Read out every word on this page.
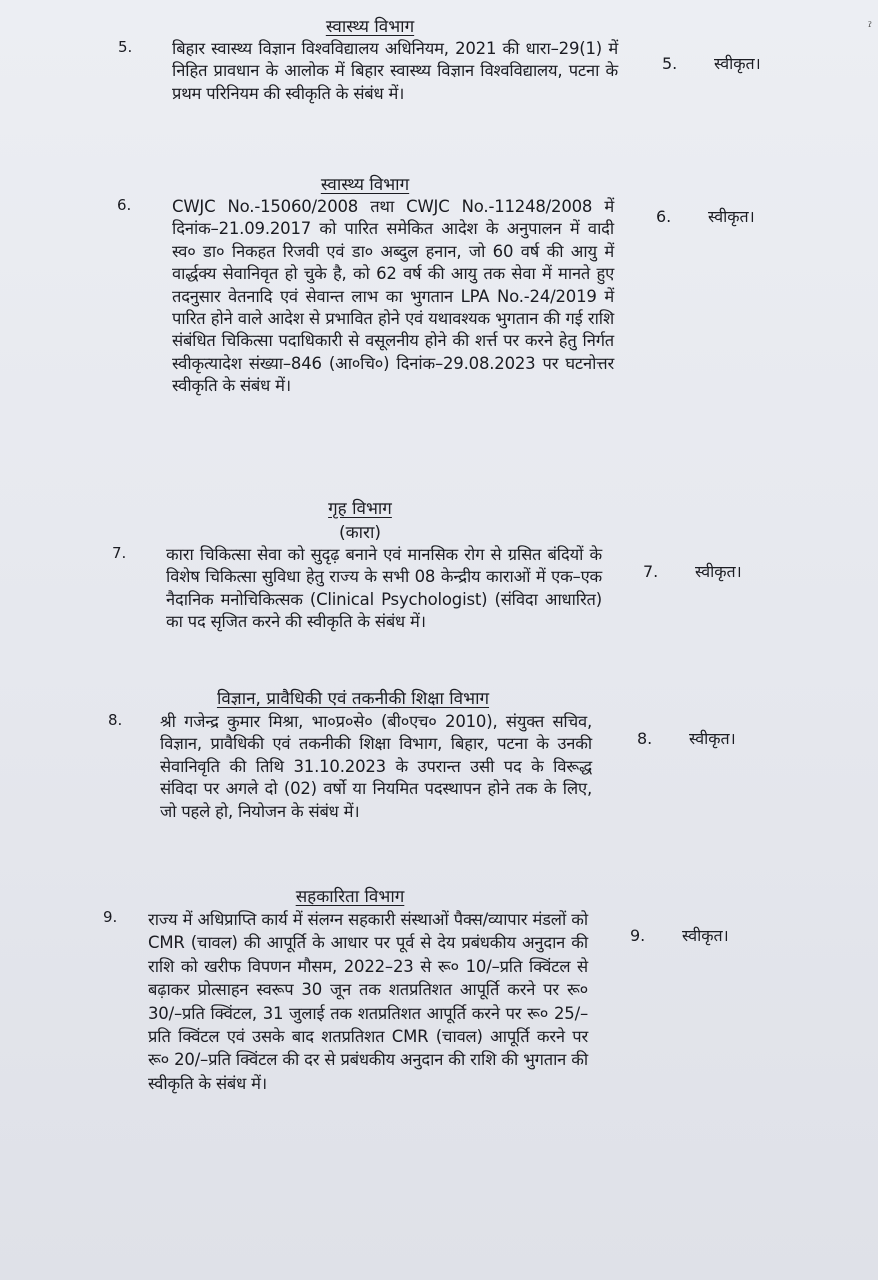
ˀ
स्वास्थ्य विभाग
5. बिहार स्वास्थ्य विज्ञान विश्वविद्यालय अधिनियम, 2021 की धारा–29(1) में निहित प्रावधान के आलोक में बिहार स्वास्थ्य विज्ञान विश्वविद्यालय, पटना के प्रथम परिनियम की स्वीकृति के संबंध में।
5. स्वीकृत।
स्वास्थ्य विभाग
6. CWJC No.-15060/2008 तथा CWJC No.-11248/2008 में दिनांक–21.09.2017 को पारित समेकित आदेश के अनुपालन में वादी स्व० डा० निकहत रिजवी एवं डा० अब्दुल हनान, जो 60 वर्ष की आयु में वार्द्धक्य सेवानिवृत हो चुके है, को 62 वर्ष की आयु तक सेवा में मानते हुए तदनुसार वेतनादि एवं सेवान्त लाभ का भुगतान LPA No.-24/2019 में पारित होने वाले आदेश से प्रभावित होने एवं यथावश्यक भुगतान की गई राशि संबंधित चिकित्सा पदाधिकारी से वसूलनीय होने की शर्त्त पर करने हेतु निर्गत स्वीकृत्यादेश संख्या–846 (आ०चि०) दिनांक–29.08.2023 पर घटनोत्तर स्वीकृति के संबंध में।
6. स्वीकृत।
गृह विभाग
(कारा)
7. कारा चिकित्सा सेवा को सुदृढ़ बनाने एवं मानसिक रोग से ग्रसित बंदियों के विशेष चिकित्सा सुविधा हेतु राज्य के सभी 08 केन्द्रीय काराओं में एक–एक नैदानिक मनोचिकित्सक (Clinical Psychologist) (संविदा आधारित) का पद सृजित करने की स्वीकृति के संबंध में।
7. स्वीकृत।
विज्ञान, प्रावैधिकी एवं तकनीकी शिक्षा विभाग
8. श्री गजेन्द्र कुमार मिश्रा, भा०प्र०से० (बी०एच० 2010), संयुक्त सचिव, विज्ञान, प्रावैधिकी एवं तकनीकी शिक्षा विभाग, बिहार, पटना के उनकी सेवानिवृति की तिथि 31.10.2023 के उपरान्त उसी पद के विरूद्ध संविदा पर अगले दो (02) वर्षो या नियमित पदस्थापन होने तक के लिए, जो पहले हो, नियोजन के संबंध में।
8. स्वीकृत।
सहकारिता विभाग
9. राज्य में अधिप्राप्ति कार्य में संलग्न सहकारी संस्थाओं पैक्स/व्यापार मंडलों को CMR (चावल) की आपूर्ति के आधार पर पूर्व से देय प्रबंधकीय अनुदान की राशि को खरीफ विपणन मौसम, 2022–23 से रू० 10/–प्रति क्विंटल से बढ़ाकर प्रोत्साहन स्वरूप 30 जून तक शतप्रतिशत आपूर्ति करने पर रू० 30/–प्रति क्विंटल, 31 जुलाई तक शतप्रतिशत आपूर्ति करने पर रू० 25/–प्रति क्विंटल एवं उसके बाद शतप्रतिशत CMR (चावल) आपूर्ति करने पर रू० 20/–प्रति क्विंटल की दर से प्रबंधकीय अनुदान की राशि की भुगतान की स्वीकृति के संबंध में।
9. स्वीकृत।
